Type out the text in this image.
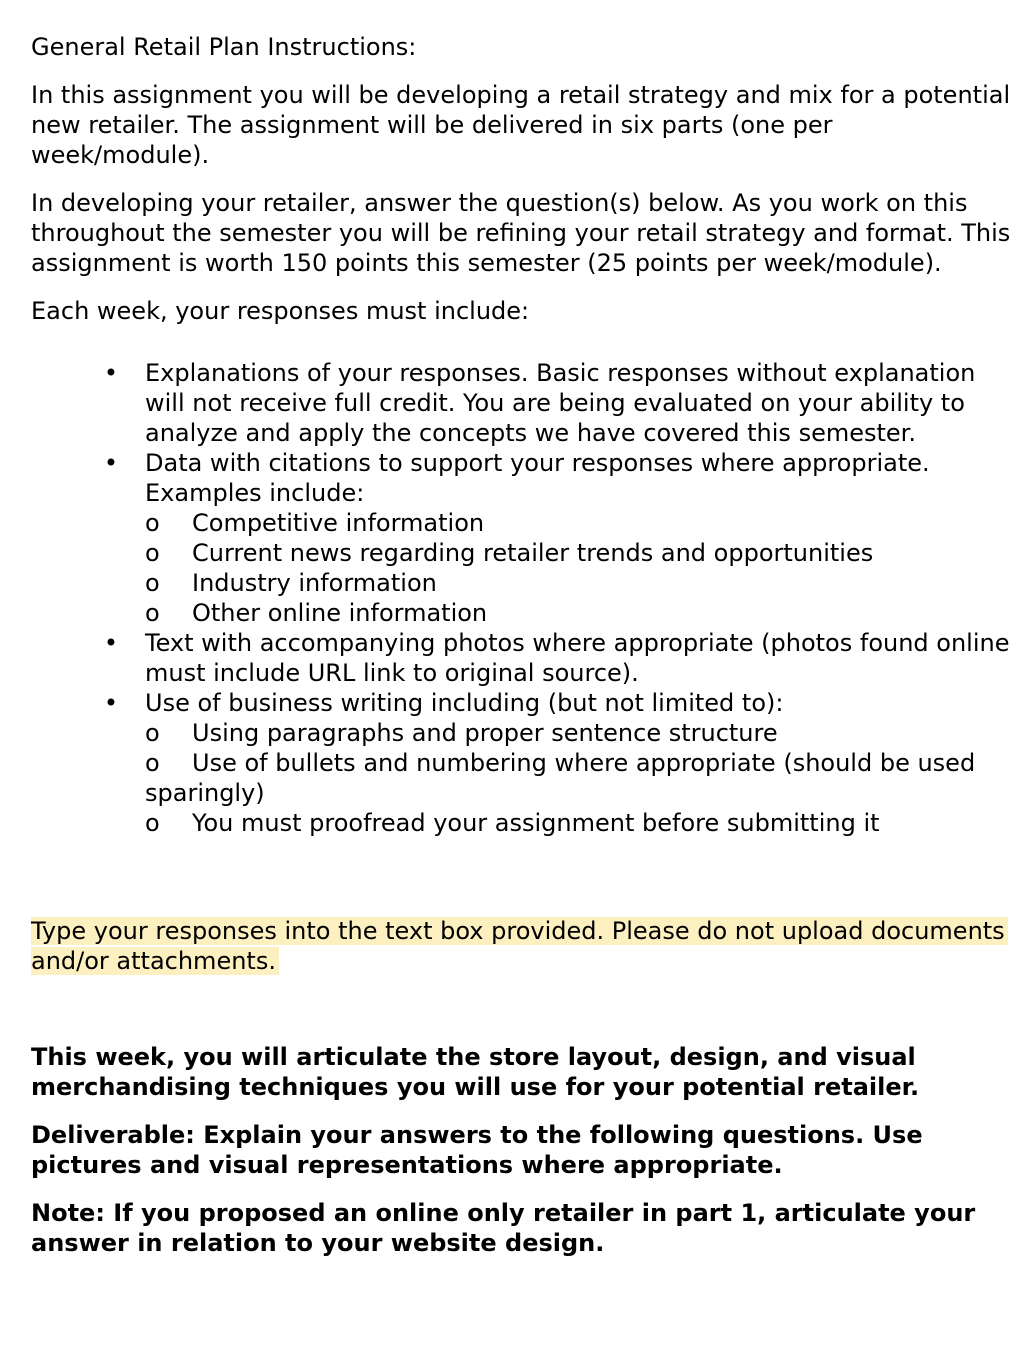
General Retail Plan Instructions:

In this assignment you will be developing a retail strategy and mix for a potential new retailer. The assignment will be delivered in six parts (one per week/module).

In developing your retailer, answer the question(s) below. As you work on this throughout the semester you will be refining your retail strategy and format. This assignment is worth 150 points this semester (25 points per week/module).

Each week, your responses must include:

• Explanations of your responses. Basic responses without explanation will not receive full credit. You are being evaluated on your ability to analyze and apply the concepts we have covered this semester.
• Data with citations to support your responses where appropriate. Examples include:
o Competitive information
o Current news regarding retailer trends and opportunities
o Industry information
o Other online information
• Text with accompanying photos where appropriate (photos found online must include URL link to original source).
• Use of business writing including (but not limited to):
o Using paragraphs and proper sentence structure
o Use of bullets and numbering where appropriate (should be used sparingly)
o You must proofread your assignment before submitting it

Type your responses into the text box provided. Please do not upload documents and/or attachments.

This week, you will articulate the store layout, design, and visual merchandising techniques you will use for your potential retailer.

Deliverable: Explain your answers to the following questions. Use pictures and visual representations where appropriate.

Note: If you proposed an online only retailer in part 1, articulate your answer in relation to your website design.
